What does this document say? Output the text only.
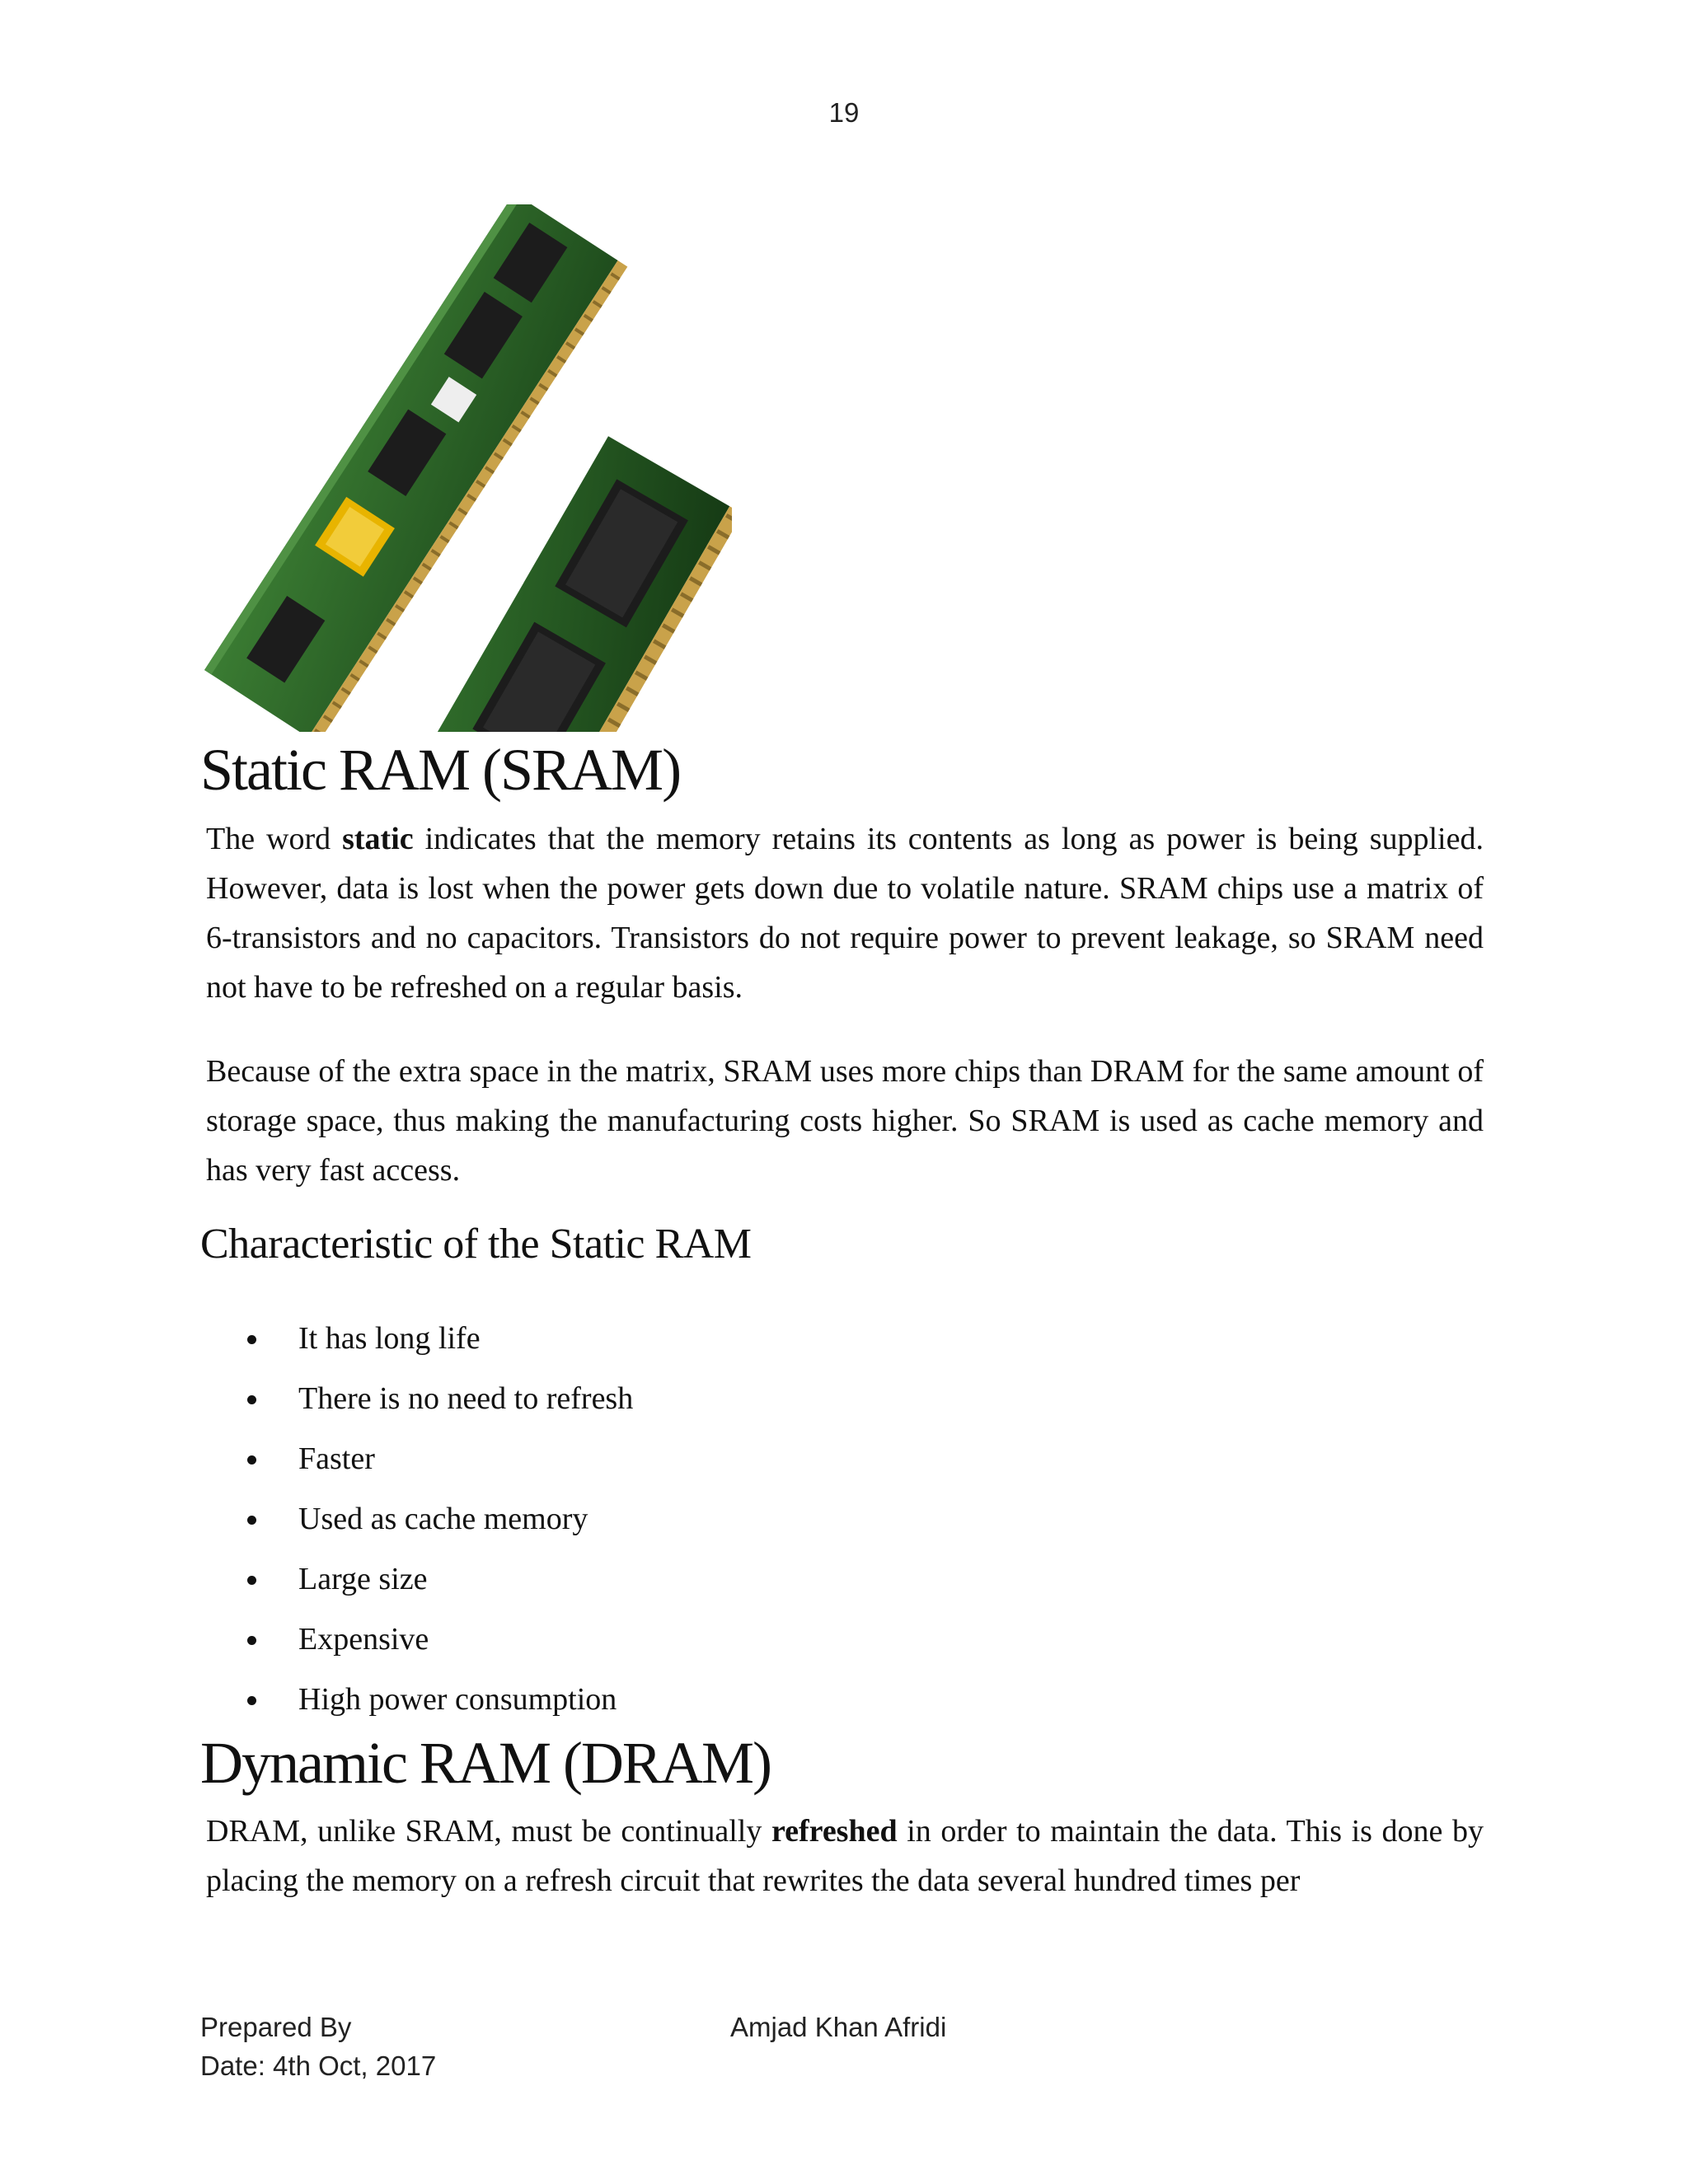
19
Static RAM (SRAM)

The word static indicates that the memory retains its contents as long as power is being supplied. However, data is lost when the power gets down due to volatile nature. SRAM chips use a matrix of 6-transistors and no capacitors. Transistors do not require power to prevent leakage, so SRAM need not have to be refreshed on a regular basis.

Because of the extra space in the matrix, SRAM uses more chips than DRAM for the same amount of storage space, thus making the manufacturing costs higher. So SRAM is used as cache memory and has very fast access.

Characteristic of the Static RAM
It has long life
There is no need to refresh
Faster
Used as cache memory
Large size
Expensive
High power consumption
Dynamic RAM (DRAM)

DRAM, unlike SRAM, must be continually refreshed in order to maintain the data. This is done by placing the memory on a refresh circuit that rewrites the data several hundred times per

Prepared By	Amjad Khan Afridi
Date: 4th Oct, 2017
